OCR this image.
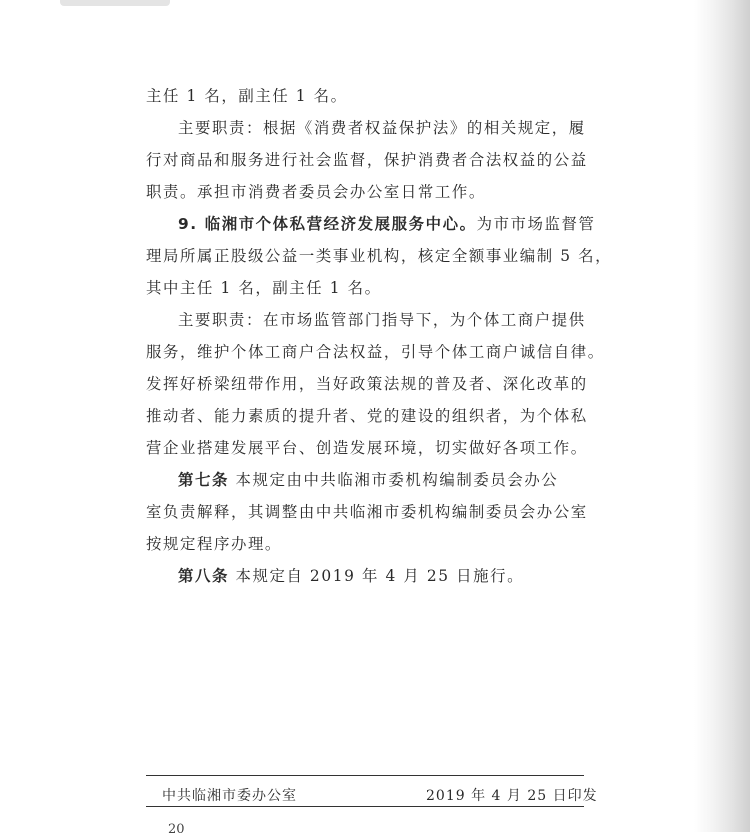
主任 1 名，副主任 1 名。
主要职责：根据《消费者权益保护法》的相关规定，履
行对商品和服务进行社会监督，保护消费者合法权益的公益
职责。承担市消费者委员会办公室日常工作。
9. 临湘市个体私营经济发展服务中心。为市市场监督管
理局所属正股级公益一类事业机构，核定全额事业编制 5 名，
其中主任 1 名，副主任 1 名。
主要职责：在市场监管部门指导下，为个体工商户提供
服务，维护个体工商户合法权益，引导个体工商户诚信自律。
发挥好桥梁纽带作用，当好政策法规的普及者、深化改革的
推动者、能力素质的提升者、党的建设的组织者，为个体私
营企业搭建发展平台、创造发展环境，切实做好各项工作。
第七条 本规定由中共临湘市委机构编制委员会办公
室负责解释，其调整由中共临湘市委机构编制委员会办公室
按规定程序办理。
第八条 本规定自 2019 年 4 月 25 日施行。
中共临湘市委办公室	2019 年 4 月 25 日印发
20
